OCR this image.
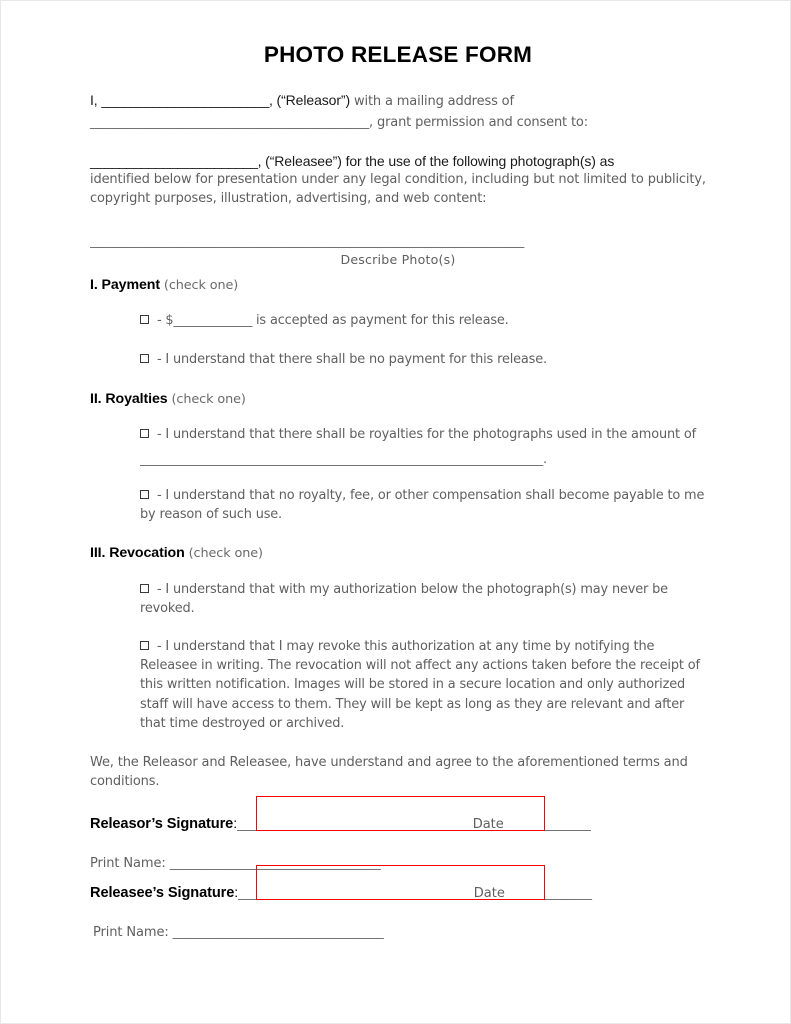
PHOTO RELEASE FORM
I, _______________________, (“Releasor”) with a mailing address of
_____________________________________________, grant permission and consent to:
_______________________, (“Releasee”) for the use of the following photograph(s) as
identified below for presentation under any legal condition, including but not limited to publicity,
copyright purposes, illustration, advertising, and web content:
______________________________________________________________________
Describe Photo(s)
I. Payment (check one)
- $_____________ is accepted as payment for this release.
- I understand that there shall be no payment for this release.
II. Royalties (check one)
- I understand that there shall be royalties for the photographs used in the amount of
_________________________________________________________________.
- I understand that no royalty, fee, or other compensation shall become payable to me by reason of such use.
III. Revocation (check one)
- I understand that with my authorization below the photograph(s) may never be revoked.
- I understand that I may revoke this authorization at any time by notifying the Releasee in writing. The revocation will not affect any actions taken before the receipt of this written notification. Images will be stored in a secure location and only authorized staff will have access to them. They will be kept as long as they are relevant and after that time destroyed or archived.
We, the Releasor and Releasee, have understand and agree to the aforementioned terms and conditions.
Releasor’s Signature:______________________________________Date______________
Print Name: __________________________________
Releasee’s Signature:______________________________________Date______________
Print Name: __________________________________
